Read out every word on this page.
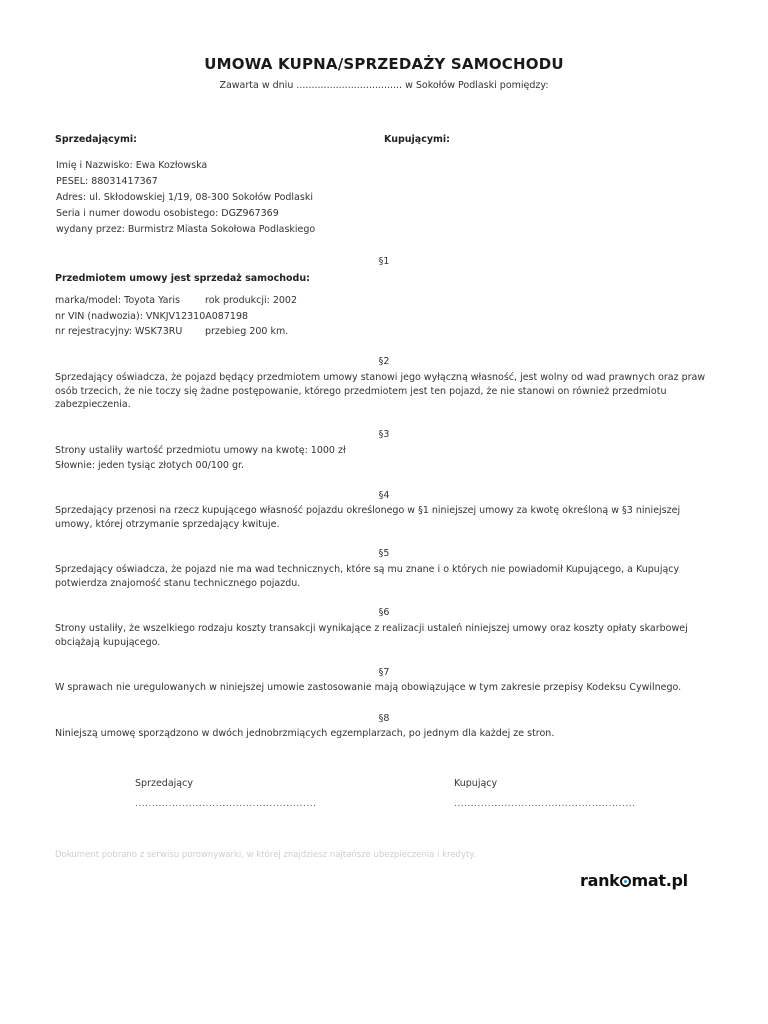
UMOWA KUPNA/SPRZEDAŻY SAMOCHODU
Zawarta w dniu ................................... w Sokołów Podlaski pomiędzy:
Sprzedającymi:	Kupującymi:
Imię i Nazwisko: Ewa Kozłowska
PESEL: 88031417367
Adres: ul. Skłodowskiej 1/19, 08-300 Sokołów Podlaski
Seria i numer dowodu osobistego: DGZ967369
wydany przez: Burmistrz Miasta Sokołowa Podlaskiego
§1
Przedmiotem umowy jest sprzedaż samochodu:
marka/model: Toyota Yaris	rok produkcji: 2002
nr VIN (nadwozia): VNKJV12310A087198
nr rejestracyjny: WSK73RU przebieg 200 km.
§2
Sprzedający oświadcza, że pojazd będący przedmiotem umowy stanowi jego wyłączną własność, jest wolny od wad prawnych oraz praw osób trzecich, że nie toczy się żadne postępowanie, którego przedmiotem jest ten pojazd, że nie stanowi on również przedmiotu zabezpieczenia.
§3
Strony ustaliły wartość przedmiotu umowy na kwotę: 1000 zł
Słownie: jeden tysiąc złotych 00/100 gr.
§4
Sprzedający przenosi na rzecz kupującego własność pojazdu określonego w §1 niniejszej umowy za kwotę określoną w §3 niniejszej umowy, której otrzymanie sprzedający kwituje.
§5
Sprzedający oświadcza, że pojazd nie ma wad technicznych, które są mu znane i o których nie powiadomił Kupującego, a Kupujący potwierdza znajomość stanu technicznego pojazdu.
§6
Strony ustaliły, że wszelkiego rodzaju koszty transakcji wynikające z realizacji ustaleń niniejszej umowy oraz koszty opłaty skarbowej obciążają kupującego.
§7
W sprawach nie uregulowanych w niniejszej umowie zastosowanie mają obowiązujące w tym zakresie przepisy Kodeksu Cywilnego.
§8
Niniejszą umowę sporządzono w dwóch jednobrzmiących egzemplarzach, po jednym dla każdej ze stron.
Sprzedający	Kupujący
......................................................	......................................................
Dokument pobrano z serwisu porownywarki, w której znajdziesz najtańsze ubezpieczenia i kredyty.
rank mat.pl
